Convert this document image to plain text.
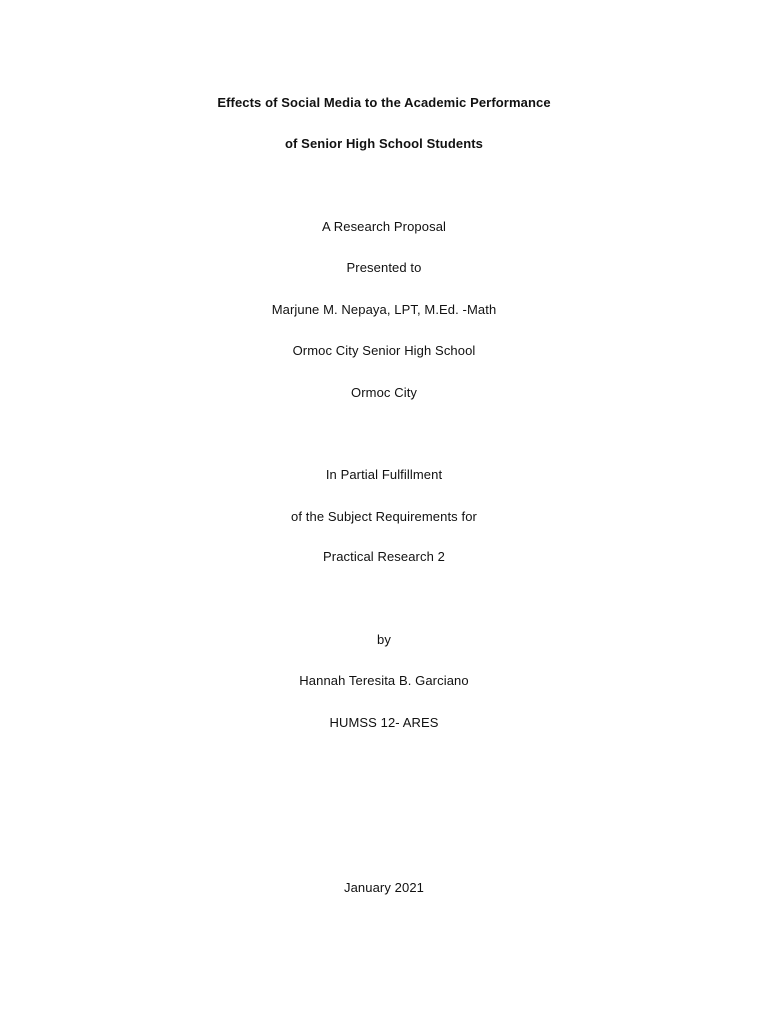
Effects of Social Media to the Academic Performance
of Senior High School Students
A Research Proposal
Presented to
Marjune M. Nepaya, LPT, M.Ed. -Math
Ormoc City Senior High School
Ormoc City
In Partial Fulfillment
of the Subject Requirements for
Practical Research 2
by
Hannah Teresita B. Garciano
HUMSS 12- ARES
January 2021
